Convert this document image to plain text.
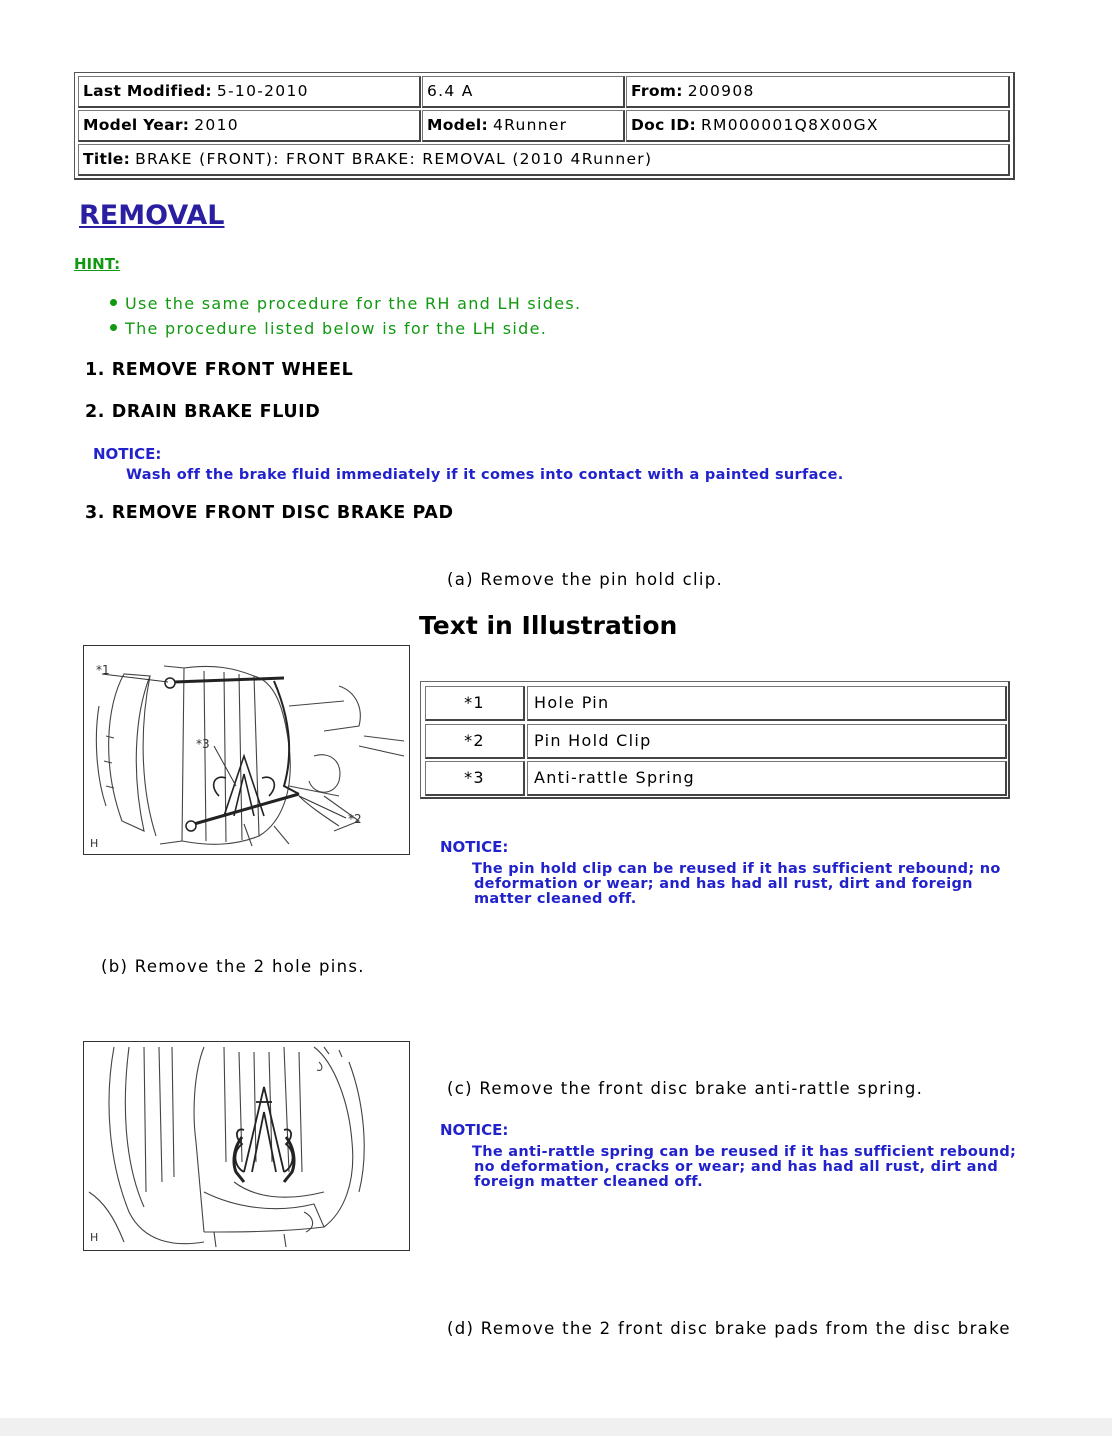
Last Modified: 5-10-2010	6.4 A	From: 200908
Model Year: 2010	Model: 4Runner	Doc ID: RM000001Q8X00GX
Title: BRAKE (FRONT): FRONT BRAKE: REMOVAL (2010 4Runner)
REMOVAL
HINT:
Use the same procedure for the RH and LH sides.
The procedure listed below is for the LH side.
1. REMOVE FRONT WHEEL
2. DRAIN BRAKE FLUID
NOTICE:
Wash off the brake fluid immediately if it comes into contact with a painted surface.
3. REMOVE FRONT DISC BRAKE PAD
(a) Remove the pin hold clip.
Text in Illustration
*1
*3
*2
H
*1	Hole Pin
*2	Pin Hold Clip
*3	Anti-rattle Spring
NOTICE:
The pin hold clip can be reused if it has sufficient rebound; no
deformation or wear; and has had all rust, dirt and foreign
matter cleaned off.
(b) Remove the 2 hole pins.
H
(c) Remove the front disc brake anti-rattle spring.
NOTICE:
The anti-rattle spring can be reused if it has sufficient rebound;
no deformation, cracks or wear; and has had all rust, dirt and
foreign matter cleaned off.
(d) Remove the 2 front disc brake pads from the disc brake
